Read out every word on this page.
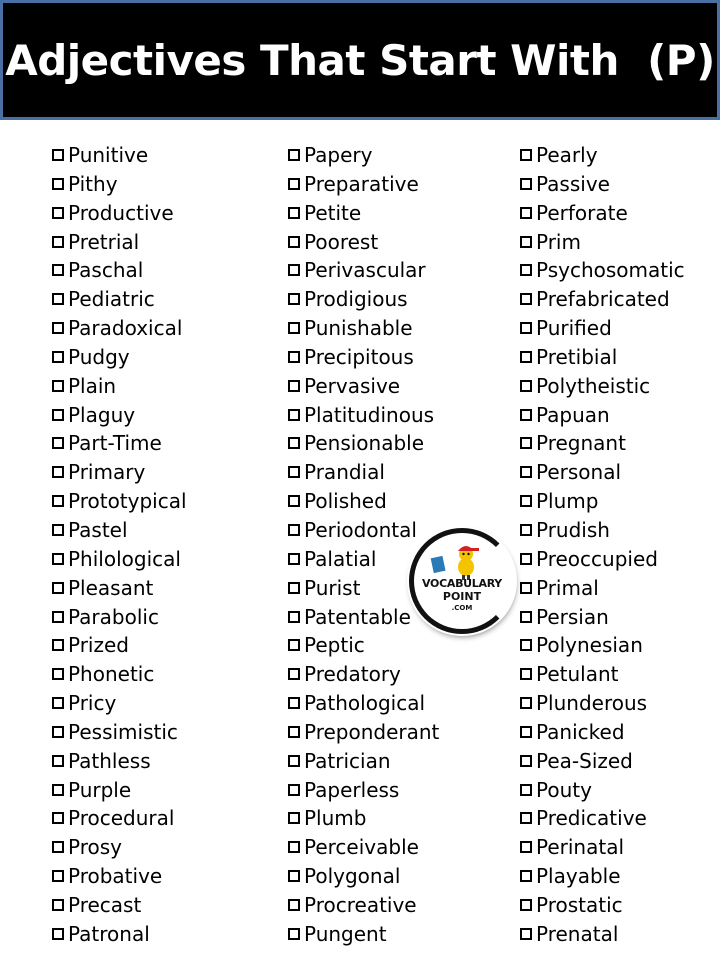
Adjectives That Start With  (P)
Punitive
Pithy
Productive
Pretrial
Paschal
Pediatric
Paradoxical
Pudgy
Plain
Plaguy
Part-Time
Primary
Prototypical
Pastel
Philological
Pleasant
Parabolic
Prized
Phonetic
Pricy
Pessimistic
Pathless
Purple
Procedural
Prosy
Probative
Precast
Patronal
Papery
Preparative
Petite
Poorest
Perivascular
Prodigious
Punishable
Precipitous
Pervasive
Platitudinous
Pensionable
Prandial
Polished
Periodontal
Palatial
Purist
Patentable
Peptic
Predatory
Pathological
Preponderant
Patrician
Paperless
Plumb
Perceivable
Polygonal
Procreative
Pungent
Pearly
Passive
Perforate
Prim
Psychosomatic
Prefabricated
Purified
Pretibial
Polytheistic
Papuan
Pregnant
Personal
Plump
Prudish
Preoccupied
Primal
Persian
Polynesian
Petulant
Plunderous
Panicked
Pea-Sized
Pouty
Predicative
Perinatal
Playable
Prostatic
Prenatal
VOCABULARY
POINT
.COM
